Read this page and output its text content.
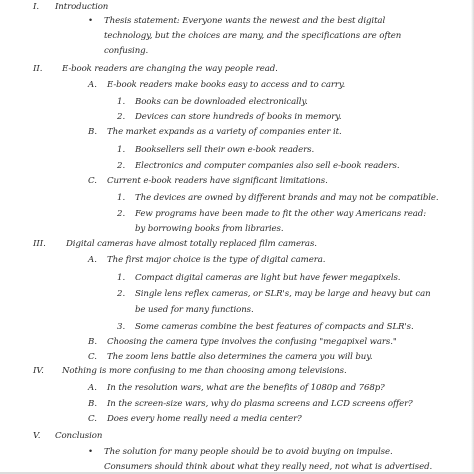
I. Introduction
• Thesis statement: Everyone wants the newest and the best digital
technology, but the choices are many, and the specifications are often
confusing.
II. E-book readers are changing the way people read.
A. E-book readers make books easy to access and to carry.
1. Books can be downloaded electronically.
2. Devices can store hundreds of books in memory.
B. The market expands as a variety of companies enter it.
1. Booksellers sell their own e-book readers.
2. Electronics and computer companies also sell e-book readers.
C. Current e-book readers have significant limitations.
1. The devices are owned by different brands and may not be compatible.
2. Few programs have been made to fit the other way Americans read:
by borrowing books from libraries.
III. Digital cameras have almost totally replaced film cameras.
A. The first major choice is the type of digital camera.
1. Compact digital cameras are light but have fewer megapixels.
2. Single lens reflex cameras, or SLR's, may be large and heavy but can
be used for many functions.
3. Some cameras combine the best features of compacts and SLR's.
B. Choosing the camera type involves the confusing "megapixel wars."
C. The zoom lens battle also determines the camera you will buy.
IV. Nothing is more confusing to me than choosing among televisions.
A. In the resolution wars, what are the benefits of 1080p and 768p?
B. In the screen-size wars, why do plasma screens and LCD screens offer?
C. Does every home really need a media center?
V. Conclusion
• The solution for many people should be to avoid buying on impulse.
Consumers should think about what they really need, not what is advertised.
